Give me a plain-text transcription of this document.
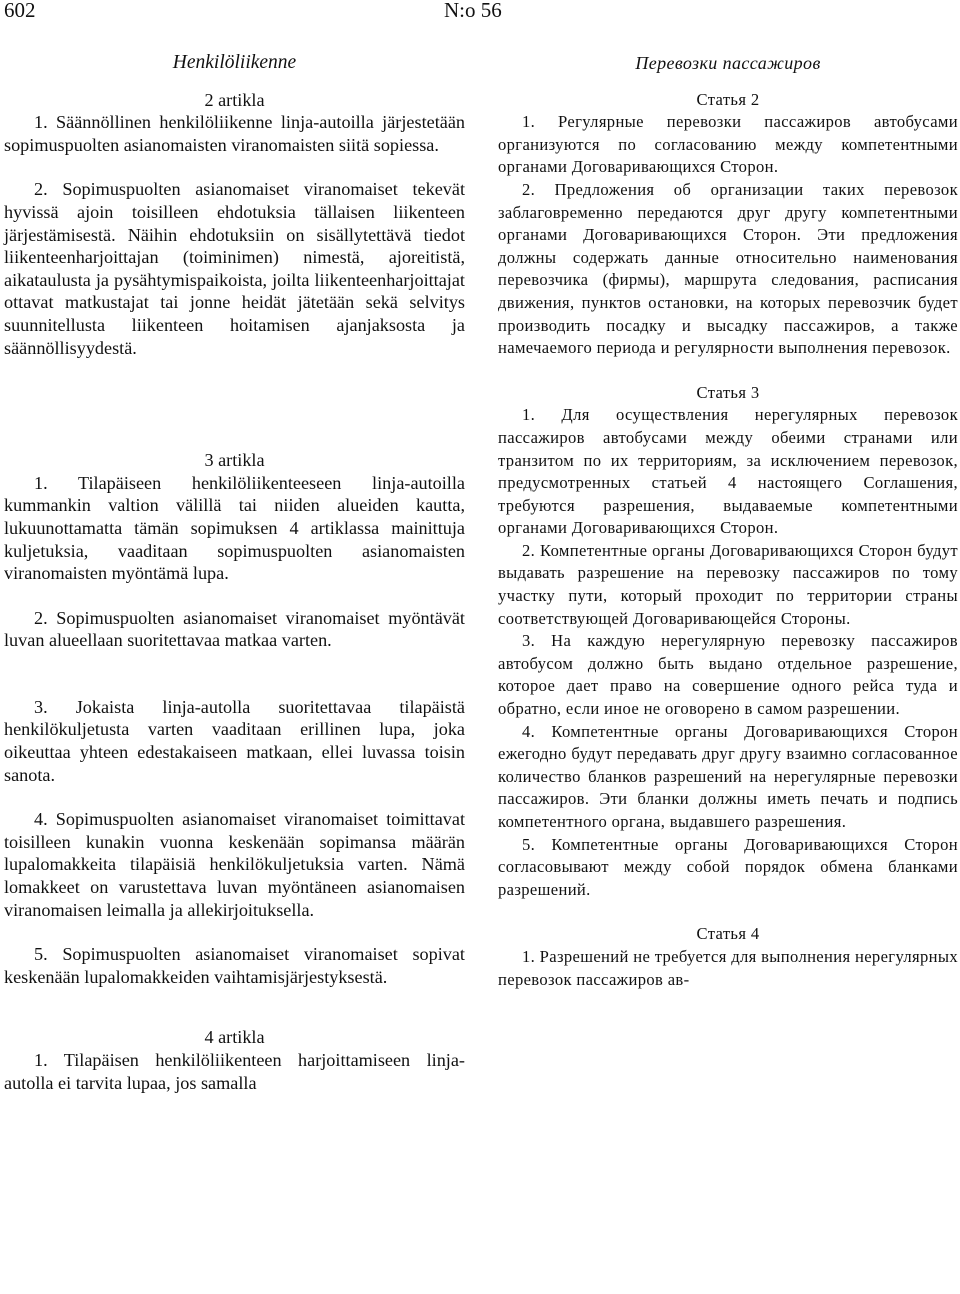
602	N:o 56
Henkilöliikenne
2 artikla

1. Säännöllinen henkilöliikenne linja-autoilla järjestetään sopimuspuolten asianomaisten viranomaisten siitä sopiessa.

2. Sopimuspuolten asianomaiset viranomaiset tekevät hyvissä ajoin toisilleen ehdotuksia tällaisen liikenteen järjestämisestä. Näihin ehdotuksiin on sisällytettävä tiedot liikenteenharjoittajan (toiminimen) nimestä, ajoreitistä, aikataulusta ja pysähtymispaikoista, joilta liikenteenharjoittajat ottavat matkustajat tai jonne heidät jätetään sekä selvitys suunnitellusta liikenteen hoitamisen ajanjaksosta ja säännöllisyydestä.

3 artikla

1. Tilapäiseen henkilöliikenteeseen linja-autoilla kummankin valtion välillä tai niiden alueiden kautta, lukuunottamatta tämän sopimuksen 4 artiklassa mainittuja kuljetuksia, vaaditaan sopimuspuolten asianomaisten viranomaisten myöntämä lupa.

2. Sopimuspuolten asianomaiset viranomaiset myöntävät luvan alueellaan suoritettavaa matkaa varten.

3. Jokaista linja-autolla suoritettavaa tilapäistä henkilökuljetusta varten vaaditaan erillinen lupa, joka oikeuttaa yhteen edestakaiseen matkaan, ellei luvassa toisin sanota.

4. Sopimuspuolten asianomaiset viranomaiset toimittavat toisilleen kunakin vuonna keskenään sopimansa määrän lupalomakkeita tilapäisiä henkilökuljetuksia varten. Nämä lomakkeet on varustettava luvan myöntäneen asianomaisen viranomaisen leimalla ja allekirjoituksella.

5. Sopimuspuolten asianomaiset viranomaiset sopivat keskenään lupalomakkeiden vaihtamisjärjestyksestä.

4 artikla

1. Tilapäisen henkilöliikenteen harjoittamiseen linja-autolla ei tarvita lupaa, jos samalla

Перевозки пассажиров
Статья 2

1. Регулярные перевозки пассажиров автобусами организуются по согласованию между компетентными органами Договаривающихся Сторон.

2. Предложения об организации таких перевозок заблаговременно передаются друг другу компетентными органами Договаривающихся Сторон. Эти предложения должны содержать данные относительно наименования перевозчика (фирмы), маршрута следования, расписания движения, пунктов остановки, на которых перевозчик будет производить посадку и высадку пассажиров, а также намечаемого периода и регулярности выполнения перевозок.

Статья 3

1. Для осуществления нерегулярных перевозок пассажиров автобусами между обеими странами или транзитом по их территориям, за исключением перевозок, предусмотренных статьей 4 настоящего Соглашения, требуются разрешения, выдаваемые компетентными органами Договаривающихся Сторон.

2. Компетентные органы Договаривающихся Сторон будут выдавать разрешение на перевозку пассажиров по тому участку пути, который проходит по территории страны соответствующей Договаривающейся Стороны.

3. На каждую нерегулярную перевозку пассажиров автобусом должно быть выдано отдельное разрешение, которое дает право на совершение одного рейса туда и обратно, если иное не оговорено в самом разрешении.

4. Компетентные органы Договаривающихся Сторон ежегодно будут передавать друг другу взаимно согласованное количество бланков разрешений на нерегулярные перевозки пассажиров. Эти бланки должны иметь печать и подпись компетентного органа, выдавшего разрешения.

5. Компетентные органы Договаривающихся Сторон согласовывают между собой порядок обмена бланками разрешений.

Статья 4

1. Разрешений не требуется для выполнения нерегулярных перевозок пассажиров ав-
